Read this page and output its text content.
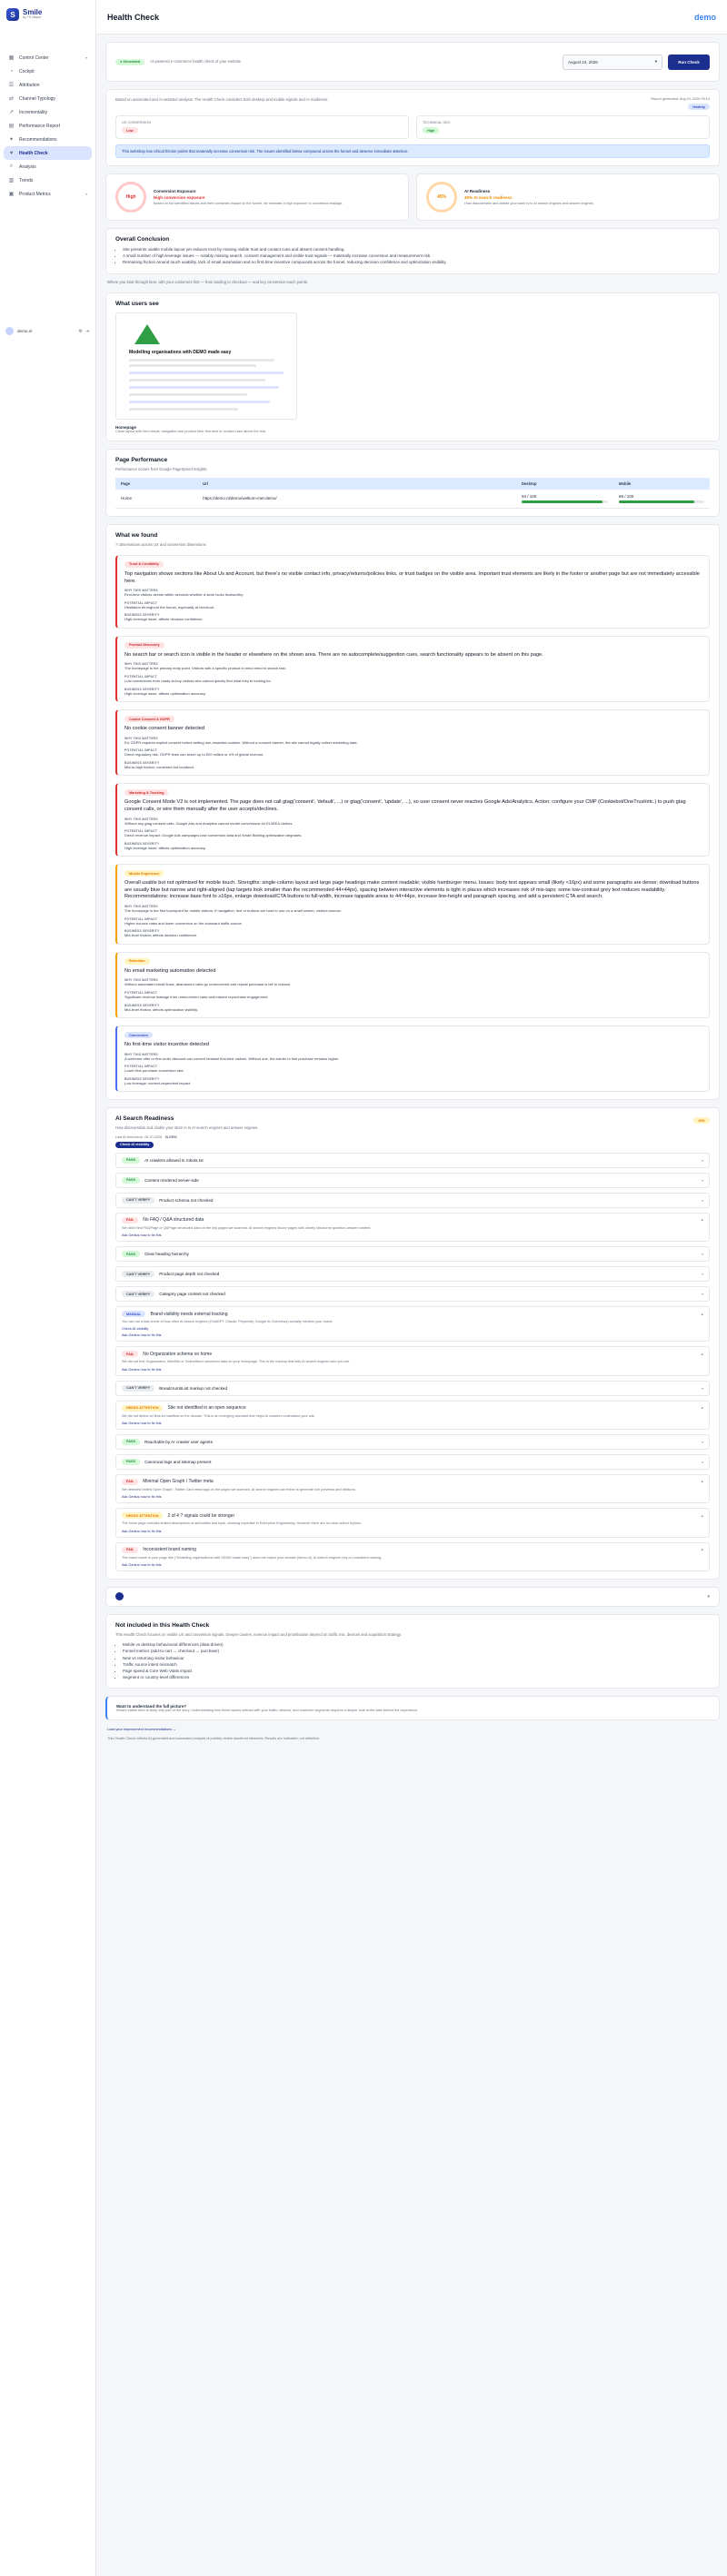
S	Smile
by TS Mayur
▦ Control Center	▾
◔	Cockpit
☰ Attribution
⇄ Channel Typology
↗ Incrementality
▤ Performance Report
✦ Recommendations
♥	Health Check
⌕	Analysis
▥ Trends
▣ Product Metrics	▾
demo.nl	⚙ ⇥
Health Check	demo
● Generated	AI-powered e-commerce health check of your website	August 24, 2026	▾	Run Check
Based on automated and AI-assisted analysis. The Health Check considers both desktop and mobile signals and AI readiness.	Report generated: Aug 24, 2026 09:14
Healthy
UX CONVERSION
Low
TECHNICAL SEO
High
This webshop has critical friction points that materially increase conversion risk. The issues identified below compound across the funnel and deserve immediate attention.
High
Conversion Exposure
High conversion exposure
Based on the identified issues and their combined impact on the funnel, we estimate a high exposure to conversion leakage.
45%
AI Readiness
45% AI search readiness
How discoverable and citable your store is to AI search engines and answer engines.
Overall Conclusion
• Site presents usable mobile layout yet reduces trust by missing visible trust and contact cues and absent consent handling.
• A small number of high-leverage issues — notably missing search, consent management and visible trust signals — materially increase conversion and measurement risk.
• Remaining friction around touch usability, lack of email automation and no first-time incentive compounds across the funnel, reducing decision confidence and optimization visibility.
Where you start through best, with your customers first — from landing to checkout — and key conversion touch points.
What users see
Modelling organisations with DEMO made easy
Homepage
Clean layout with hero visual, navigation and product tiles; few trust or contact cues above the fold.
Page Performance
Performance scores from Google PageSpeed Insights.
Page	Url	Desktop	Mobile
Home	https://demo.nl/demo/welkom-met-demo/	94 / 100	88 / 100
What we found
7 observations across UX and conversion dimensions
Trust & Credibility
Top navigation shows sections like About Us and Account, but there's no visible contact info, privacy/returns/policies links, or trust badges on the visible area. Important trust elements are likely in the footer or another page but are not immediately accessible here.
WHY THIS MATTERS
First-time visitors decide within seconds whether a store looks trustworthy.
POTENTIAL IMPACT
Hesitation throughout the funnel, especially at checkout.
BUSINESS SEVERITY
High-leverage issue; affects decision confidence.
Product Discovery
No search bar or search icon is visible in the header or elsewhere on the shown area. There are no autocomplete/suggestion cues, search functionality appears to be absent on this page.
WHY THIS MATTERS
The homepage is the primary entry point. Visitors with a specific product in mind need to search fast.
POTENTIAL IMPACT
Lost conversions from ready-to-buy visitors who cannot quickly find what they're looking for.
BUSINESS SEVERITY
High-leverage issue; affects optimization accuracy.
Cookie Consent & GDPR
No cookie consent banner detected
WHY THIS MATTERS
EU GDPR requires explicit consent before setting non-essential cookies. Without a consent banner, the site cannot legally collect marketing data.
POTENTIAL IMPACT
Direct regulatory risk. GDPR fines can reach up to €20 million or 4% of global revenue.
BUSINESS SEVERITY
Mid-to-high friction; combined but localized.
Marketing & Tracking
Google Consent Mode V2 is not implemented. The page does not call gtag('consent', 'default', ...) or gtag('consent', 'update', ...), so user consent never reaches Google Ads/Analytics. Action: configure your CMP (Cookiebot/OneTrust/etc.) to push gtag consent calls, or wire them manually after the user accepts/declines.
WHY THIS MATTERS
Without any gtag consent calls, Google Ads and Analytics cannot model conversions for EU/EEA visitors.
POTENTIAL IMPACT
Direct revenue impact: Google Ads campaigns lose conversion data and Smart Bidding optimization degrades.
BUSINESS SEVERITY
High-leverage issue; affects optimization accuracy.
Mobile Experience
Overall usable but not optimised for mobile touch. Strengths: single-column layout and large page headings make content readable; visible hamburger menu. Issues: body text appears small (likely <16px) and some paragraphs are dense; download buttons are usually blue but narrow and right-aligned (tap targets look smaller than the recommended 44×44px), spacing between interactive elements is tight in places which increases risk of mis-taps; some low-contrast grey text reduces readability. Recommendations: increase base font to ≥16px, enlarge download/CTA buttons to full-width, increase tappable areas to 44×44px, increase line-height and paragraph spacing, and add a persistent CTA and search.
WHY THIS MATTERS
The homepage is the first touchpoint for mobile visitors. If navigation, text or buttons are hard to use on a small screen, visitors bounce.
POTENTIAL IMPACT
Higher bounce rates and lower conversion on the dominant traffic source.
BUSINESS SEVERITY
Mid-level friction; affects decision confidence.
Retention
No email marketing automation detected
WHY THIS MATTERS
Without automated email flows, abandoned carts go unrecovered and repeat purchase is left to chance.
POTENTIAL IMPACT
Significant revenue leakage from unrecovered carts and missed repurchase engagement.
BUSINESS SEVERITY
Mid-level friction; affects optimization visibility.
Conversion
No first-time visitor incentive detected
WHY THIS MATTERS
A welcome offer or first-order discount can convert hesitant first-time visitors. Without one, the barrier to first purchase remains higher.
POTENTIAL IMPACT
Lower first-purchase conversion rate.
BUSINESS SEVERITY
Low leverage; context-dependent impact.
AI Search Readiness	45%
How discoverable and citable your store is to AI search engines and answer engines.
Last AI test/check: 26-10-2026 SLEEM
Check AI visibility
PASS	AI crawlers allowed in robots.txt	▾
PASS	Content rendered server-side	▾
CAN'T VERIFY	Product schema not checked	▾
FAIL	No FAQ / Q&A structured data	▴
We didn't find FAQPage or QAPage structured data on the key pages we scanned. AI search engines favour pages with clearly structured question-answer content.
Ask Genius how to fix this
PASS	Clear heading hierarchy	▾
CAN'T VERIFY	Product page depth not checked	▾
CAN'T VERIFY	Category page content not checked	▾
MANUAL	Brand visibility needs external tracking	▴
You can run a fast check of how often AI search engines (ChatGPT, Claude, Perplexity, Google AI Overviews) actually mention your brand.
Check AI visibility
Ask Genius how to fix this
FAIL	No Organization schema on home	▴
We did not find Organization, WebSite or OnlineStore structured data on your homepage. This is the markup that tells AI search engines who you are.
Ask Genius how to fix this
CAN'T VERIFY	BreadcrumbList markup not checked	▾
NEEDS ATTENTION	Site not identified in an open sequence	▴
We did not detect an llms.txt manifest on the domain. This is an emerging standard that helps AI crawlers understand your site.
Ask Genius how to fix this
PASS	Reachable by AI crawler user agents	▾
PASS	Canonical tags and sitemap present	▾
FAIL	Minimal Open Graph / Twitter meta	▴
We detected limited Open Graph / Twitter Card meta tags on the pages we scanned. AI search engines use these to generate rich previews and citations.
Ask Genius how to fix this
NEEDS ATTENTION	2 of 4 ? signals could be stronger	▴
The home page includes limited descriptions of authorities and topic, showing expertise in Enterprise Engineering. However there are no clear author bylines.
Ask Genius how to fix this
FAIL	Inconsistent brand naming	▴
The brand name in your page title ("Modelling organisations with DEMO made easy") does not match your domain (demo.nl). AI search engines rely on consistent naming.
Ask Genius how to fix this
▾
Not included in this Health Check
This Health Check focuses on visible UX and conversion signals. Deeper causes, revenue impact and prioritisation depend on traffic mix, devices and acquisition strategy.
• Mobile vs desktop behavioural differences (data-driven)
• Funnel metrics (add-to-cart → checkout → purchase)
• New vs returning visitor behaviour
• Traffic source intent mismatch
• Page speed & Core Web Vitals impact
• Segment or country-level differences
Want to understand the full picture?
What's visible here is likely only part of the story. Understanding how these issues interact with your traffic, devices, and customer segments requires a deeper look at the data behind the experience.
Load your improvement recommendations →
This Health Check reflects AI-generated and automated analysis of publicly visible storefront elements. Results are indicative, not definitive.
